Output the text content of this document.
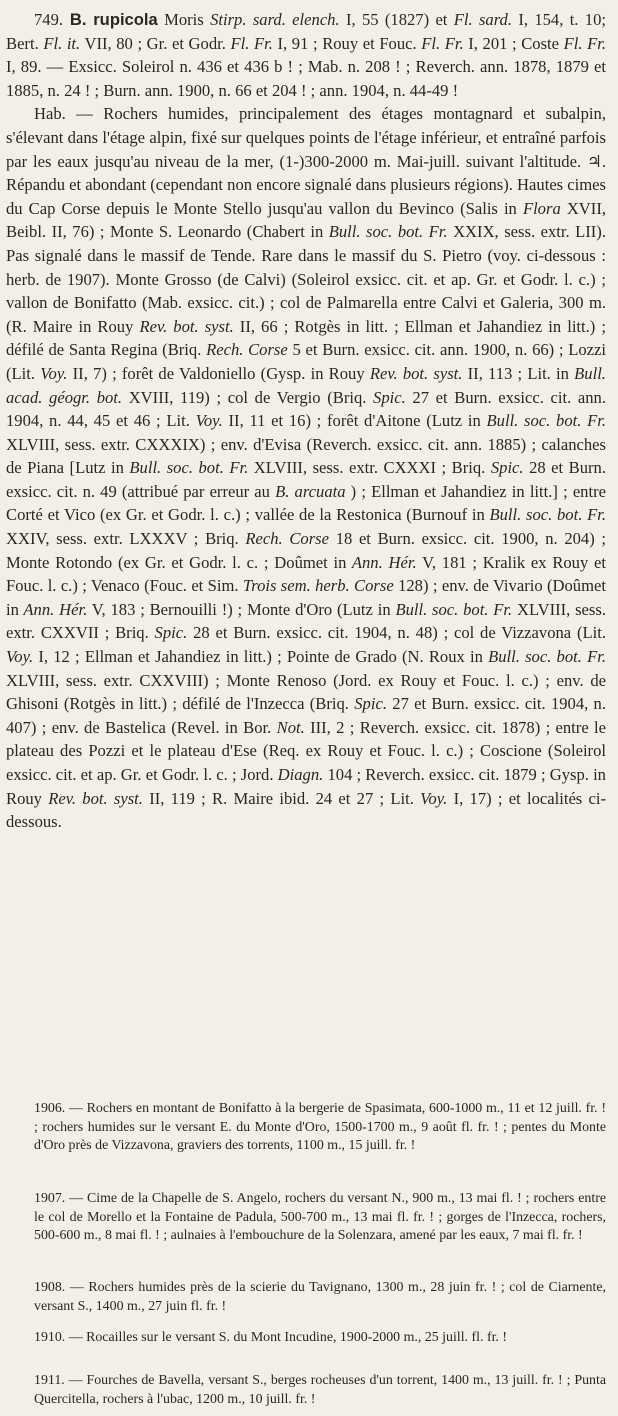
749. B. rupicola Moris Stirp. sard. elench. I, 55 (1827) et Fl. sard. I, 154, t. 10; Bert. Fl. it. VII, 80 ; Gr. et Godr. Fl. Fr. I, 91 ; Rouy et Fouc. Fl. Fr. I, 201 ; Coste Fl. Fr.I, 89. — Exsicc. Soleirol n. 436 et 436 b ! ; Mab. n. 208 ! ; Reverch. ann. 1878, 1879 et 1885, n. 24 ! ; Burn. ann. 1900, n. 66 et 204 ! ; ann. 1904, n. 44-49 !

Hab. — Rochers humides, principalement des étages montagnard et subalpin, s'élevant dans l'étage alpin, fixé sur quelques points de l'étage inférieur, et entraîné parfois par les eaux jusqu'au niveau de la mer, (1-)300-2000 m. Mai-juill. suivant l'altitude. ♃. Répandu et abondant (cependant non encore signalé dans plusieurs régions). Hautes cimes du Cap Corse depuis le Monte Stello jusqu'au vallon du Bevinco (Salis in Flora XVII, Beibl. II, 76) ; Monte S. Leonardo (Chabert in Bull. soc. bot. Fr. XXIX, sess. extr. LII). Pas signalé dans le massif de Tende. Rare dans le massif du S. Pietro (voy. ci-dessous : herb. de 1907). Monte Grosso (de Calvi) (Soleirol exsicc. cit. et ap. Gr. et Godr. l. c.) ; vallon de Bonifatto (Mab. exsicc. cit.) ; col de Palmarella entre Calvi et Galeria, 300 m. (R. Maire in Rouy Rev. bot. syst. II, 66 ; Rotgès in litt. ; Ellman et Jahandiez in litt.) ; défilé de Santa Regina (Briq. Rech. Corse 5 et Burn. exsicc. cit. ann. 1900, n. 66) ; Lozzi (Lit. Voy. II, 7) ; forêt de Valdoniello (Gysp. in Rouy Rev. bot. syst. II, 113 ; Lit. in Bull. acad. géogr. bot. XVIII, 119) ; col de Vergio (Briq. Spic. 27 et Burn. exsicc. cit. ann. 1904, n. 44, 45 et 46 ; Lit. Voy. II, 11 et 16) ; forêt d'Aitone (Lutz in Bull. soc. bot. Fr.XLVIII, sess. extr. CXXXIX) ; env. d'Evisa (Reverch. exsicc. cit. ann. 1885) ; calanches de Piana [Lutz in Bull. soc. bot. Fr. XLVIII, sess. extr. CXXXI ; Briq. Spic. 28 et Burn. exsicc. cit. n. 49 (attribué par erreur au B. arcuata ) ; Ellman et Jahandiez in litt.] ; entre Corté et Vico (ex Gr. et Godr. l. c.) ; vallée de la Restonica (Burnouf in Bull. soc. bot. Fr.XXIV, sess. extr. LXXXV ; Briq. Rech. Corse 18 et Burn. exsicc. cit. 1900, n. 204) ; Monte Rotondo (ex Gr. et Godr. l. c. ; Doûmet in Ann. Hér. V, 181 ; Kralik ex Rouy et Fouc. l. c.) ; Venaco (Fouc. et Sim. Trois sem. herb. Corse 128) ; env. de Vivario (Doûmet in Ann. Hér. V, 183 ; Bernouilli !) ; Monte d'Oro (Lutz in Bull. soc. bot. Fr. XLVIII, sess. extr. CXXVII ; Briq. Spic. 28 et Burn. exsicc. cit. 1904, n. 48) ; col de Vizzavona (Lit.Voy. I, 12 ; Ellman et Jahandiez in litt.) ; Pointe de Grado (N. Roux in Bull. soc. bot. Fr.XLVIII, sess. extr. CXXVIII) ; Monte Renoso (Jord. ex Rouy et Fouc. l. c.) ; env. de Ghisoni (Rotgès in litt.) ; défilé de l'Inzecca (Briq. Spic. 27 et Burn. exsicc. cit. 1904, n. 407) ; env. de Bastelica (Revel. in Bor. Not. III, 2 ; Reverch. exsicc. cit. 1878) ; entre le plateau des Pozzi et le plateau d'Ese (Req. ex Rouy et Fouc. l. c.) ; Coscione (Soleirol exsicc. cit. et ap. Gr. et Godr. l. c. ; Jord. Diagn. 104 ; Reverch. exsicc. cit. 1879 ; Gysp. in Rouy Rev. bot. syst. II, 119 ; R. Maire ibid. 24 et 27 ; Lit. Voy. I, 17) ; et localités ci-dessous.

1906. — Rochers en montant de Bonifatto à la bergerie de Spasimata, 600-1000 m., 11 et 12 juill. fr. ! ; rochers humides sur le versant E. du Monte d'Oro, 1500-1700 m., 9 août fl. fr. ! ; pentes du Monte d'Oro près de Vizzavona, graviers des torrents, 1100 m., 15 juill. fr. !

1907. — Cime de la Chapelle de S. Angelo, rochers du versant N., 900 m., 13 mai fl. ! ; rochers entre le col de Morello et la Fontaine de Padula, 500-700 m., 13 mai fl. fr. ! ; gorges de l'Inzecca, rochers, 500-600 m., 8 mai fl. ! ; aulnaies à l'embouchure de la Solenzara, amené par les eaux, 7 mai fl. fr. !

1908. — Rochers humides près de la scierie du Tavignano, 1300 m., 28 juin fr. ! ; col de Ciarnente, versant S., 1400 m., 27 juin fl. fr. !

1910. — Rocailles sur le versant S. du Mont Incudine, 1900-2000 m., 25 juill. fl. fr. !

1911. — Fourches de Bavella, versant S., berges rocheuses d'un torrent, 1400 m., 13 juill. fr. ! ; Punta Quercitella, rochers à l'ubac, 1200 m., 10 juill. fr. !
